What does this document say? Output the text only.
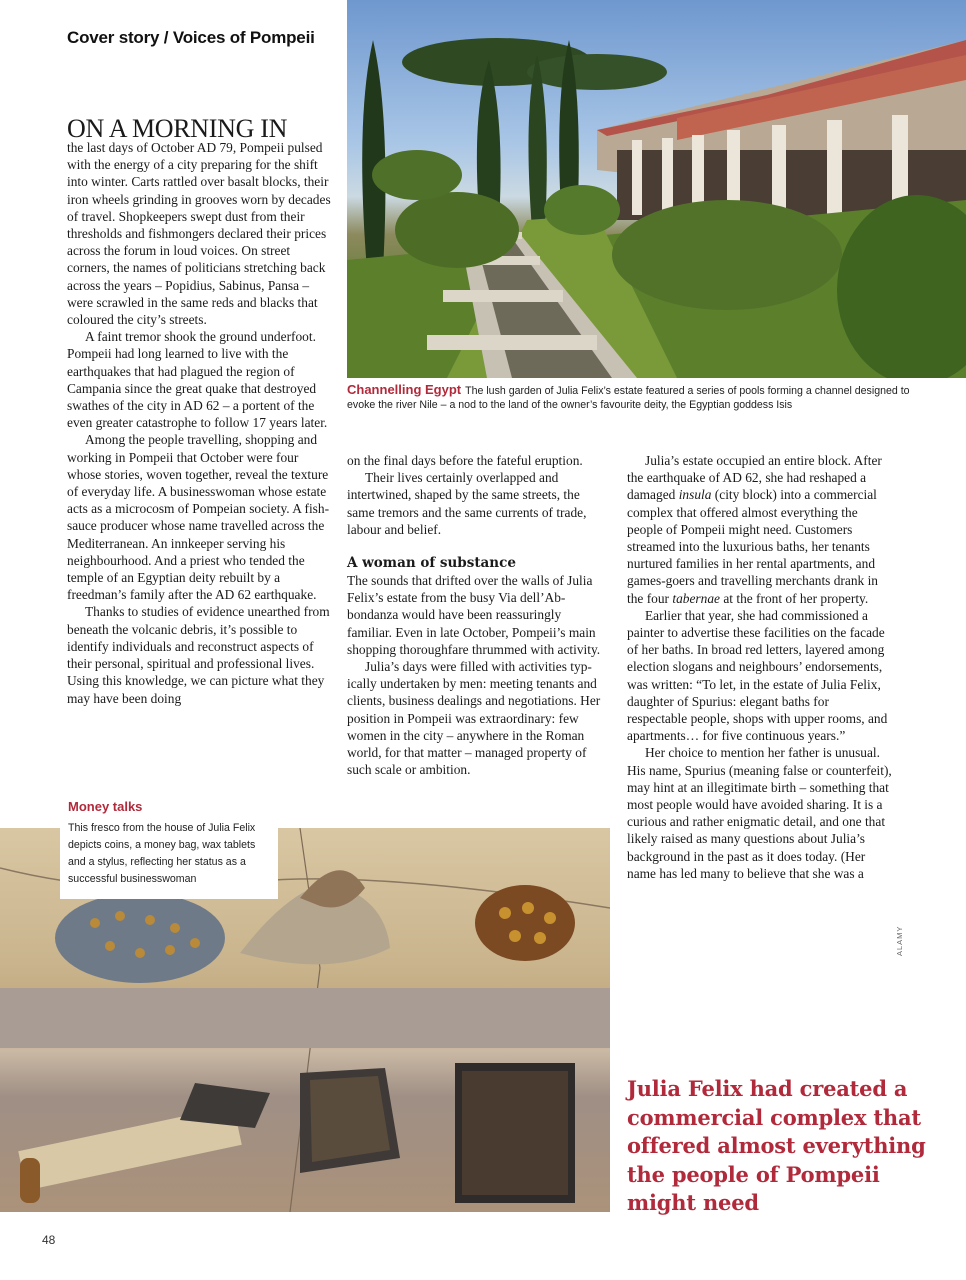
Cover story / Voices of Pompeii
Channelling Egypt The lush garden of Julia Felix’s estate featured a series of pools forming a channel designed to evoke the river Nile – a nod to the land of the owner’s favourite deity, the Egyptian goddess Isis
ON A MORNING IN

the last days of October AD 79, Pompeii pulsed with the energy of a city preparing for the shift into winter. Carts rattled over basalt blocks, their iron wheels grinding in grooves worn by decades of travel. Shopkeepers swept dust from their thresholds and fishmongers declared their prices across the forum in loud voices. On street corners, the names of politicians stretching back across the years – Popidius, Sabinus, Pansa – were scrawled in the same reds and blacks that coloured the city’s streets.

A faint tremor shook the ground underfoot. Pompeii had long learned to live with the earthquakes that had plagued the region of Campania since the great quake that destroyed swathes of the city in AD 62 – a portent of the even greater catastrophe to follow 17 years later.

Among the people travelling, shopping and working in Pompeii that October were four whose stories, woven together, reveal the texture of everyday life. A businesswoman whose estate acts as a microcosm of Pompeian society. A fish-sauce producer whose name travelled across the Mediterranean. An innkeeper serving his neighbourhood. And a priest who tended the temple of an Egyptian deity rebuilt by a freedman’s family after the AD 62 earthquake.

Thanks to studies of evidence unearthed from beneath the volcanic debris, it’s possible to identify individuals and reconstruct aspects of their personal, spiritual and professional lives. Using this knowledge, we can picture what they may have been doing

on the final days before the fateful eruption.

Their lives certainly overlapped and intertwined, shaped by the same streets, the same tremors and the same currents of trade, labour and belief.

A woman of substance

The sounds that drifted over the walls of Julia Felix’s estate from the busy Via dell’Abbondanza would have been reassuringly familiar. Even in late October, Pompeii’s main shopping thoroughfare thrummed with activity.

Julia’s days were filled with activities typically undertaken by men: meeting tenants and clients, business dealings and negotiations. Her position in Pompeii was extraordinary: few women in the city – anywhere in the Roman world, for that matter – managed property of such scale or ambition.

Julia’s estate occupied an entire block. After the earthquake of AD 62, she had reshaped a damaged insula (city block) into a commercial complex that offered almost everything the people of Pompeii might need. Customers streamed into the luxurious baths, her tenants nurtured families in her rental apartments, and games-goers and travelling merchants drank in the four tabernae at the front of her property.

Earlier that year, she had commissioned a painter to advertise these facilities on the facade of her baths. In broad red letters, layered among election slogans and neighbours’ endorsements, was written: “To let, in the estate of Julia Felix, daughter of Spurius: elegant baths for respectable people, shops with upper rooms, and apartments… for five continuous years.”

Her choice to mention her father is unusual. His name, Spurius (meaning false or counterfeit), may hint at an illegitimate birth – something that most people would have avoided sharing. It is a curious and rather enigmatic detail, and one that likely raised as many questions about Julia’s background in the past as it does today. (Her name has led many to believe that she was a

ALAMY
Money talks
This fresco from the house of Julia Felix depicts coins, a money bag, wax tablets and a stylus, reflecting her status as a successful businesswoman
Julia Felix had created a commercial complex that offered almost everything the people of Pompeii might need
48
